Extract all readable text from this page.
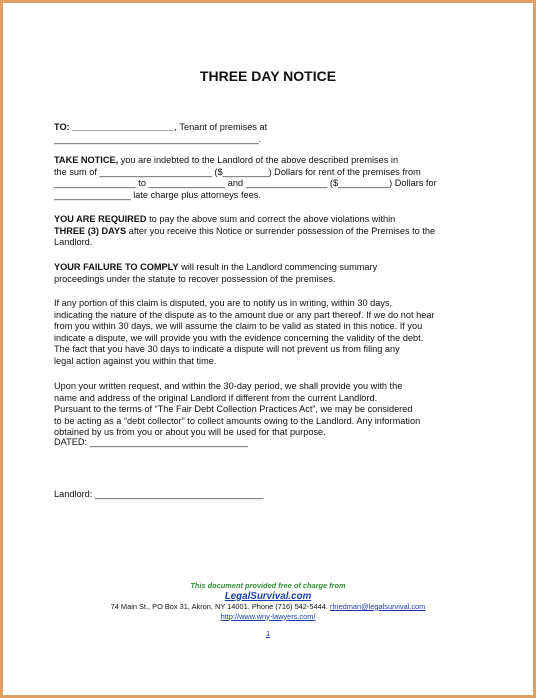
THREE DAY NOTICE
TO: ____________________, Tenant of premises at
________________________________________.
TAKE NOTICE, you are indebted to the Landlord of the above described premises in
the sum of ______________________ ($_________) Dollars for rent of the premises from
________________ to _______________ and ________________ ($__________) Dollars for
_______________ late charge plus attorneys fees.
YOU ARE REQUIRED to pay the above sum and correct the above violations within
THREE (3) DAYS after you receive this Notice or surrender possession of the Premises to the
Landlord.
YOUR FAILURE TO COMPLY will result in the Landlord commencing summary
proceedings under the statute to recover possession of the premises.
If any portion of this claim is disputed, you are to notify us in writing, within 30 days,
indicating the nature of the dispute as to the amount due or any part thereof. If we do not hear
from you within 30 days, we will assume the claim to be valid as stated in this notice. If you
indicate a dispute, we will provide you with the evidence concerning the validity of the debt.
The fact that you have 30 days to indicate a dispute will not prevent us from filing any
legal action against you within that time.
Upon your written request, and within the 30-day period, we shall provide you with the
name and address of the original Landlord if different from the current Landlord.
Pursuant to the terms of “The Fair Debt Collection Practices Act”, we may be considered
to be acting as a “debt collector” to collect amounts owing to the Landlord. Any information
obtained by us from you or about you will be used for that purpose.
DATED: _______________________________
Landlord: _________________________________
This document provided free of charge from
LegalSurvival.com
74 Main St., PO Box 31, Akron, NY 14001. Phone (716) 542-5444. rfnedman@legalsurvival.com
http://www.wny-lawyers.com/
1
